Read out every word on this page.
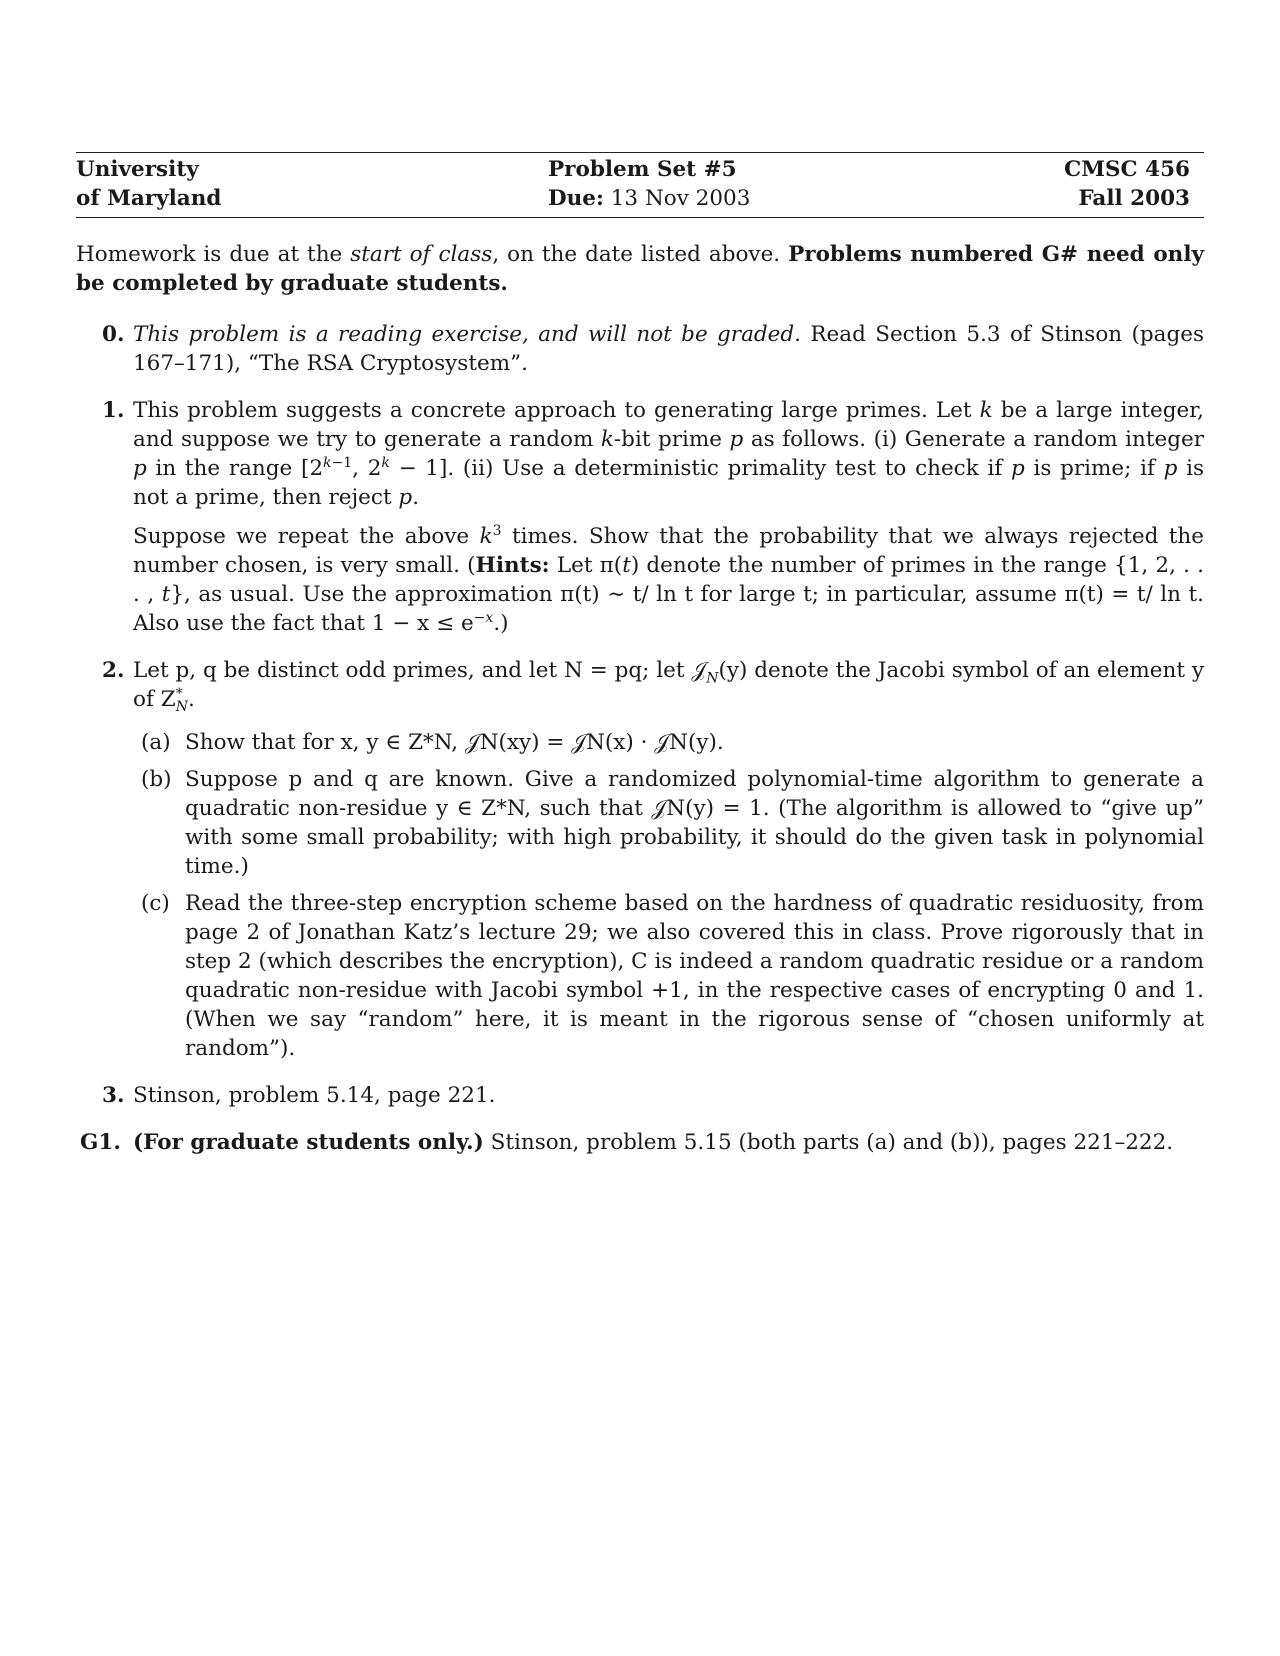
University
of Maryland
Problem Set #5
Due: 13 Nov 2003
CMSC 456
Fall 2003
Homework is due at the start of class, on the date listed above. Problems numbered G# need only be completed by graduate students.
0. This problem is a reading exercise, and will not be graded. Read Section 5.3 of Stinson (pages 167–171), “The RSA Cryptosystem”.
1. This problem suggests a concrete approach to generating large primes. Let k be a large integer, and suppose we try to generate a random k-bit prime p as follows. (i) Generate a random integer p in the range [$2^{k-1}$, $2^k - 1$]. (ii) Use a deterministic primality test to check if p is prime; if p is not a prime, then reject p.
Suppose we repeat the above $k^3$ times. Show that the probability that we always rejected the number chosen, is very small. (Hints: Let π(t) denote the number of primes in the range {1, 2, . . . , t}, as usual. Use the approximation π(t) ∼ t/ ln t for large t; in particular, assume π(t) = t/ ln t. Also use the fact that $1 - x \le e^{-x}$.)
2. Let p, q be distinct odd primes, and let N = pq; let 𝒥$_N$(y) denote the Jacobi symbol of an element y of $Z^*_N$.
(a) Show that for x, y ∈ Z*N, 𝒥N(xy) = 𝒥N(x) · 𝒥N(y).
(b) Suppose p and q are known. Give a randomized polynomial-time algorithm to generate a quadratic non-residue y ∈ Z*N, such that 𝒥N(y) = 1. (The algorithm is allowed to “give up” with some small probability; with high probability, it should do the given task in polynomial time.)
(c) Read the three-step encryption scheme based on the hardness of quadratic residuosity, from page 2 of Jonathan Katz’s lecture 29; we also covered this in class. Prove rigorously that in step 2 (which describes the encryption), C is indeed a random quadratic residue or a random quadratic non-residue with Jacobi symbol +1, in the respective cases of encrypting 0 and 1. (When we say “random” here, it is meant in the rigorous sense of “chosen uniformly at random”).
3. Stinson, problem 5.14, page 221.
G1. (For graduate students only.) Stinson, problem 5.15 (both parts (a) and (b)), pages 221–222.
